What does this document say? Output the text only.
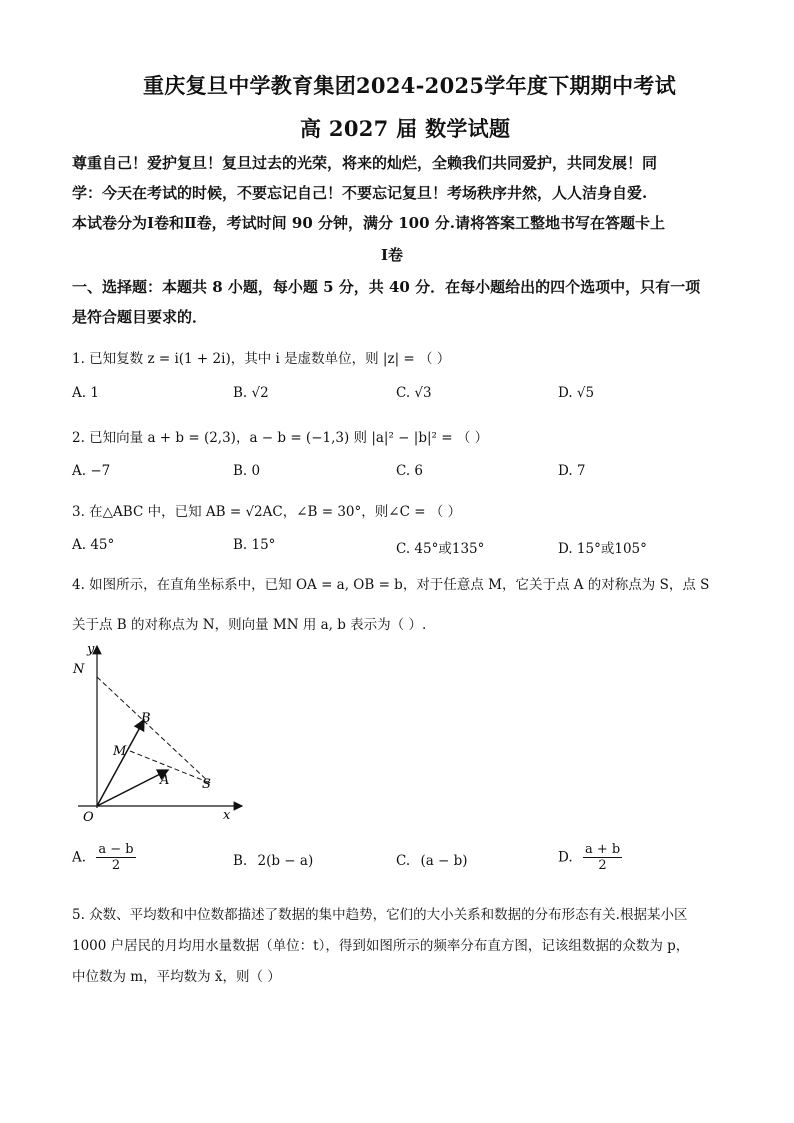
重庆复旦中学教育集团2024-2025学年度下期期中考试
高 2027 届 数学试题
尊重自己！爱护复旦！复旦过去的光荣，将来的灿烂，全赖我们共同爱护，共同发展！同
学：今天在考试的时候，不要忘记自己！不要忘记复旦！考场秩序井然，人人洁身自爱.
本试卷分为Ⅰ卷和Ⅱ卷，考试时间 90 分钟，满分 100 分.请将答案工整地书写在答题卡上
Ⅰ卷
一、选择题：本题共 8 小题，每小题 5 分，共 40 分．在每小题给出的四个选项中，只有一项
是符合题目要求的．
1. 已知复数 z = i(1 + 2i)，其中 i 是虚数单位，则 |z| = （ ）
A. 1	B. √2	C. √3	D. √5
2. 已知向量 a + b = (2,3)，a − b = (−1,3) 则 |a|² − |b|² = （ ）
A. −7	B. 0	C. 6	D. 7
3. 在△ABC 中，已知 AB = √2AC，∠B = 30°，则∠C = （ ）
A. 45°	B. 15°	C. 45°或135°	D. 15°或105°
4. 如图所示，在直角坐标系中，已知 OA = a, OB = b，对于任意点 M，它关于点 A 的对称点为 S，点 S
关于点 B 的对称点为 N，则向量 MN 用 a, b 表示为（ ）.
y
N
B
M
A	S
O	x
A. $\frac{a - b}{2}$	B. 2(b − a)	C. (a − b)	D. $\frac{a + b}{2}$
5. 众数、平均数和中位数都描述了数据的集中趋势，它们的大小关系和数据的分布形态有关.根据某小区
1000 户居民的月均用水量数据（单位：t），得到如图所示的频率分布直方图，记该组数据的众数为 p，
中位数为 m，平均数为 x̄，则（ ）
